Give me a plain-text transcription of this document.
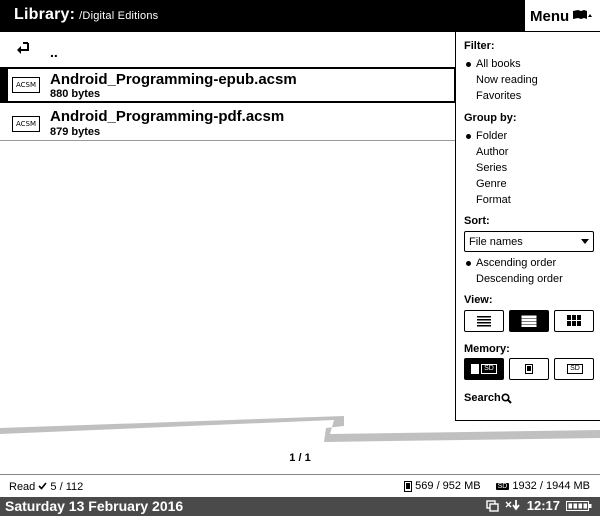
Library: /Digital Editions	Menu
..
ACSM Android_Programming-epub.acsm
880 bytes
ACSM Android_Programming-pdf.acsm
879 bytes
Filter:
All books
Now reading
Favorites
Group by:
Folder
Author
Series
Genre
Format
Sort:
File names
Ascending order
Descending order
View:
Memory:
SD	SD
Search
1 / 1
Read 5 / 112	569 / 952 MB SD 1932 / 1944 MB
Saturday 13 February 2016	12:17
